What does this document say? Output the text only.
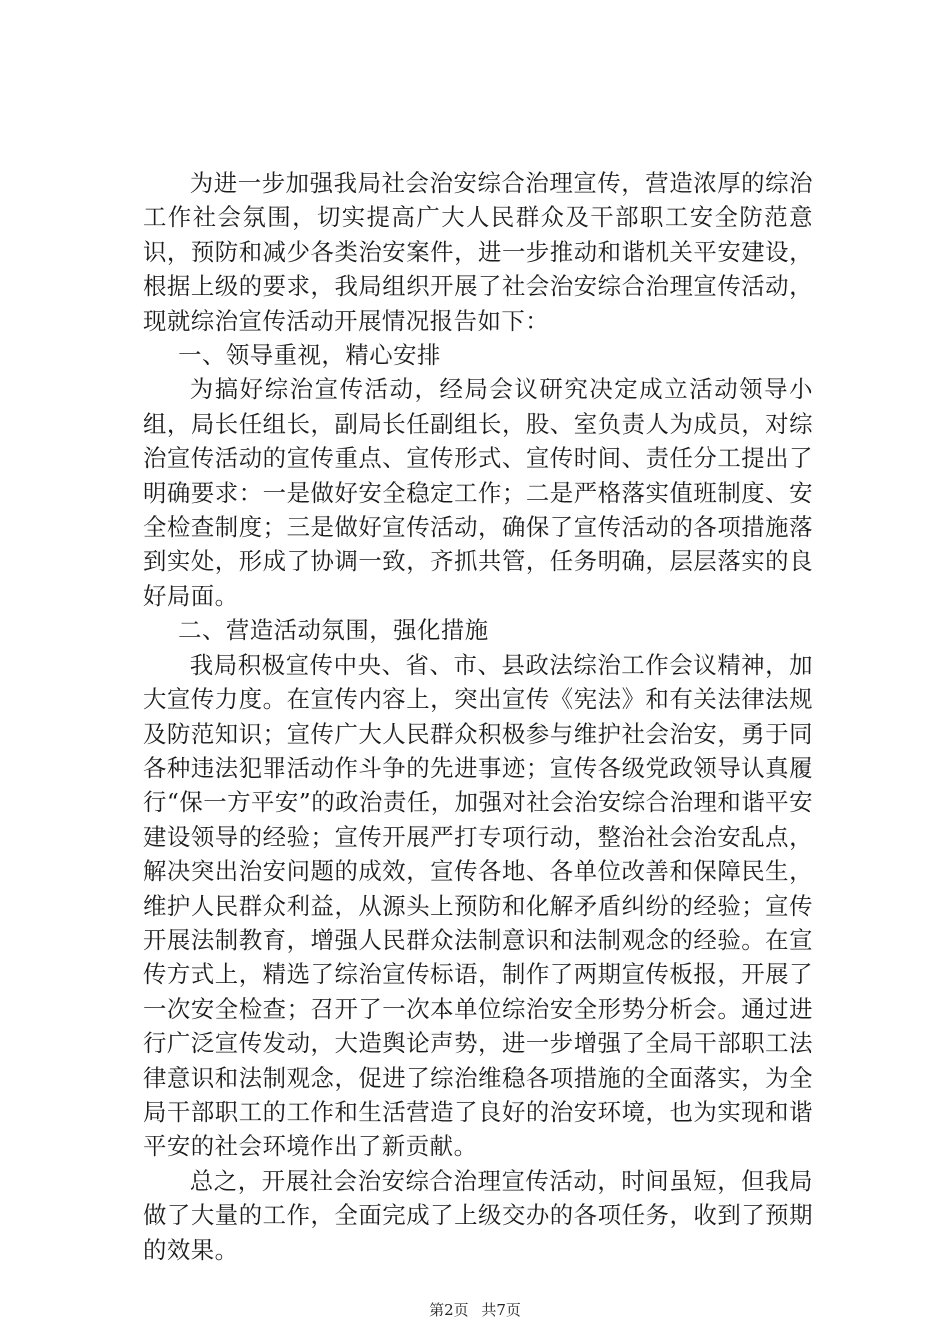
为进一步加强我局社会治安综合治理宣传，营造浓厚的综治工作社会氛围，切实提高广大人民群众及干部职工安全防范意识，预防和减少各类治安案件，进一步推动和谐机关平安建设，根据上级的要求，我局组织开展了社会治安综合治理宣传活动，现就综治宣传活动开展情况报告如下：

一、领导重视，精心安排

为搞好综治宣传活动，经局会议研究决定成立活动领导小组，局长任组长，副局长任副组长，股、室负责人为成员，对综治宣传活动的宣传重点、宣传形式、宣传时间、责任分工提出了明确要求：一是做好安全稳定工作；二是严格落实值班制度、安全检查制度；三是做好宣传活动，确保了宣传活动的各项措施落到实处，形成了协调一致，齐抓共管，任务明确，层层落实的良好局面。

二、营造活动氛围，强化措施

我局积极宣传中央、省、市、县政法综治工作会议精神，加大宣传力度。在宣传内容上，突出宣传《宪法》和有关法律法规及防范知识；宣传广大人民群众积极参与维护社会治安，勇于同各种违法犯罪活动作斗争的先进事迹；宣传各级党政领导认真履行“保一方平安”的政治责任，加强对社会治安综合治理和谐平安建设领导的经验；宣传开展严打专项行动，整治社会治安乱点，解决突出治安问题的成效，宣传各地、各单位改善和保障民生，维护人民群众利益，从源头上预防和化解矛盾纠纷的经验；宣传开展法制教育，增强人民群众法制意识和法制观念的经验。在宣传方式上，精选了综治宣传标语，制作了两期宣传板报，开展了一次安全检查；召开了一次本单位综治安全形势分析会。通过进行广泛宣传发动，大造舆论声势，进一步增强了全局干部职工法律意识和法制观念，促进了综治维稳各项措施的全面落实，为全局干部职工的工作和生活营造了良好的治安环境，也为实现和谐平安的社会环境作出了新贡献。

总之，开展社会治安综合治理宣传活动，时间虽短，但我局做了大量的工作，全面完成了上级交办的各项任务，收到了预期的效果。

第2页 共7页
